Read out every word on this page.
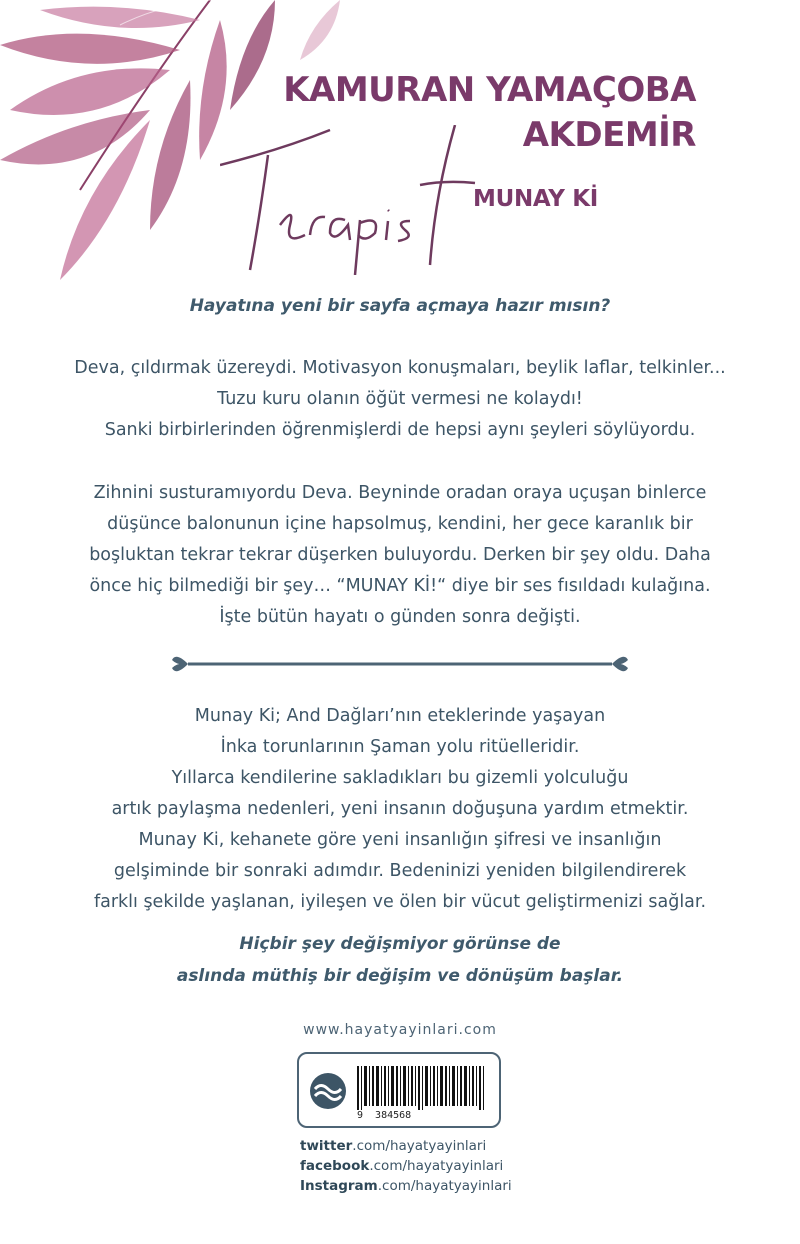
KAMURAN YAMAÇOBA
AKDEMİR
MUNAY Kİ
Hayatına yeni bir sayfa açmaya hazır mısın?
Deva, çıldırmak üzereydi. Motivasyon konuşmaları, beylik laflar, telkinler...
Tuzu kuru olanın öğüt vermesi ne kolaydı!
Sanki birbirlerinden öğrenmişlerdi de hepsi aynı şeyleri söylüyordu.
Zihnini susturamıyordu Deva. Beyninde oradan oraya uçuşan binlerce
düşünce balonunun içine hapsolmuş, kendini, her gece karanlık bir
boşluktan tekrar tekrar düşerken buluyordu. Derken bir şey oldu. Daha
önce hiç bilmediği bir şey… “MUNAY Kİ!“ diye bir ses fısıldadı kulağına.
İşte bütün hayatı o günden sonra değişti.
Munay Ki; And Dağları’nın eteklerinde yaşayan
İnka torunlarının Şaman yolu ritüelleridir.
Yıllarca kendilerine sakladıkları bu gizemli yolculuğu
artık paylaşma nedenleri, yeni insanın doğuşuna yardım etmektir.
Munay Ki, kehanete göre yeni insanlığın şifresi ve insanlığın
gelşiminde bir sonraki adımdır. Bedeninizi yeniden bilgilendirerek
farklı şekilde yaşlanan, iyileşen ve ölen bir vücut geliştirmenizi sağlar.
Hiçbir şey değişmiyor görünse de
aslında müthiş bir değişim ve dönüşüm başlar.
www.hayatyayinlari.com
9  384568
twitter.com/hayatyayinlari
facebook.com/hayatyayinlari
Instagram.com/hayatyayinlari
